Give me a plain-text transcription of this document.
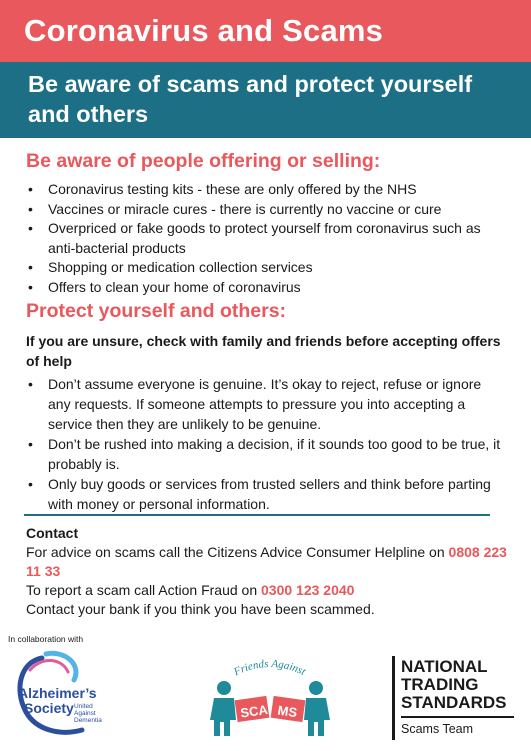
Coronavirus and Scams
Be aware of scams and protect yourself and others
Be aware of people offering or selling:
• Coronavirus testing kits - these are only offered by the NHS
• Vaccines or miracle cures - there is currently no vaccine or cure
• Overpriced or fake goods to protect yourself from coronavirus such as anti-bacterial products
• Shopping or medication collection services
• Offers to clean your home of coronavirus
Protect yourself and others:

If you are unsure, check with family and friends before accepting offers of help

• Don’t assume everyone is genuine. It’s okay to reject, refuse or ignore any requests. If someone attempts to pressure you into accepting a service then they are unlikely to be genuine.
• Don’t be rushed into making a decision, if it sounds too good to be true, it probably is.
• Only buy goods or services from trusted sellers and think before parting with money or personal information.
Contact
For advice on scams call the Citizens Advice Consumer Helpline on 0808 223 11 33
To report a scam call Action Fraud on 0300 123 2040
Contact your bank if you think you have been scammed.
In collaboration with
Alzheimer’s
Society United
Against
Dementia
Friends Against
SCA MS
NATIONAL
TRADING
STANDARDS
Scams Team
